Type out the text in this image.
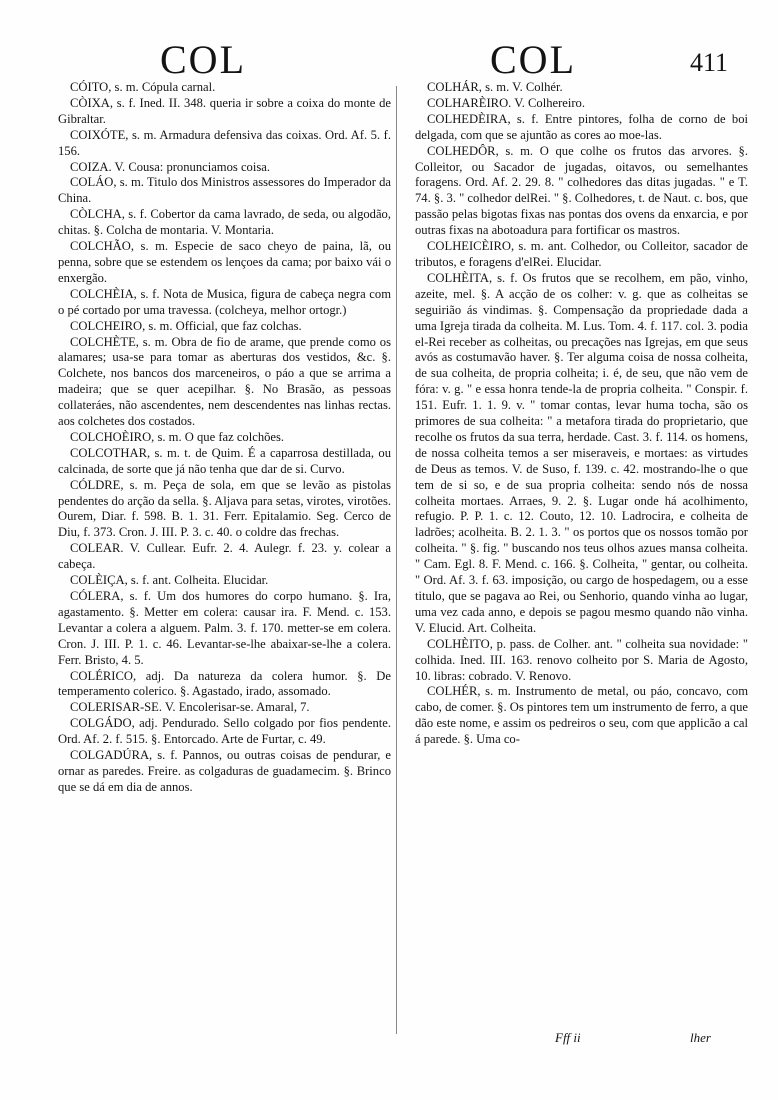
COL	COL	411

CÓITO, s. m. Cópula carnal.

CÒIXA, s. f. Ined. II. 348. queria ir sobre a coixa do monte de Gibraltar.

COIXÓTE, s. m. Armadura defensiva das coixas. Ord. Af. 5. f. 156.

COIZA. V. Cousa: pronunciamos coisa.

COLÁO, s. m. Titulo dos Ministros assessores do Imperador da China.

CÒLCHA, s. f. Cobertor da cama lavrado, de seda, ou algodão, chitas. §. Colcha de montaria. V. Montaria.

COLCHÃO, s. m. Especie de saco cheyo de paina, lã, ou penna, sobre que se estendem os lençoes da cama; por baixo vái o enxergão.

COLCHÈIA, s. f. Nota de Musica, figura de cabeça negra com o pé cortado por uma travessa. (colcheya, melhor ortogr.)

COLCHEIRO, s. m. Official, que faz colchas.

COLCHÈTE, s. m. Obra de fio de arame, que prende como os alamares; usa-se para tomar as aberturas dos vestidos, &c. §. Colchete, nos bancos dos marceneiros, o páo a que se arrima a madeira; que se quer acepilhar. §. No Brasão, as pessoas collateráes, não ascendentes, nem descendentes nas linhas rectas. aos colchetes dos costados.

COLCHOÈIRO, s. m. O que faz colchões.

COLCOTHAR, s. m. t. de Quim. É a caparrosa destillada, ou calcinada, de sorte que já não tenha que dar de si. Curvo.

CÓLDRE, s. m. Peça de sola, em que se levão as pistolas pendentes do arção da sella. §. Aljava para setas, virotes, virotões. Ourem, Diar. f. 598. B. 1. 31. Ferr. Epitalamio. Seg. Cerco de Diu, f. 373. Cron. J. III. P. 3. c. 40. o coldre das frechas.

COLEAR. V. Cullear. Eufr. 2. 4. Aulegr. f. 23. y. colear a cabeça.

COLÈIÇA, s. f. ant. Colheita. Elucidar.

CÓLERA, s. f. Um dos humores do corpo humano. §. Ira, agastamento. §. Metter em colera: causar ira. F. Mend. c. 153. Levantar a colera a alguem. Palm. 3. f. 170. metter-se em colera. Cron. J. III. P. 1. c. 46. Levantar-se-lhe abaixar-se-lhe a colera. Ferr. Bristo, 4. 5.

COLÉRICO, adj. Da natureza da colera humor. §. De temperamento colerico. §. Agastado, irado, assomado.

COLERISAR-SE. V. Encolerisar-se. Amaral, 7.

COLGÁDO, adj. Pendurado. Sello colgado por fios pendente. Ord. Af. 2. f. 515. §. Entorcado. Arte de Furtar, c. 49.

COLGADÚRA, s. f. Pannos, ou outras coisas de pendurar, e ornar as paredes. Freire. as colgaduras de guadamecim. §. Brinco que se dá em dia de annos.

COLHÁR, s. m. V. Colhér.

COLHARÈIRO. V. Colhereiro.

COLHEDÈIRA, s. f. Entre pintores, folha de corno de boi delgada, com que se ajuntão as cores ao moe-las.

COLHEDÔR, s. m. O que colhe os frutos das arvores. §. Colleitor, ou Sacador de jugadas, oitavos, ou semelhantes foragens. Ord. Af. 2. 29. 8. " colhedores das ditas jugadas. " e T. 74. §. 3. " colhedor delRei. " §. Colhedores, t. de Naut. c. bos, que passão pelas bigotas fixas nas pontas dos ovens da enxarcia, e por outras fixas na abotoadura para fortificar os mastros.

COLHEICÈIRO, s. m. ant. Colhedor, ou Colleitor, sacador de tributos, e foragens d'elRei. Elucidar.

COLHÈITA, s. f. Os frutos que se recolhem, em pão, vinho, azeite, mel. §. A acção de os colher: v. g. que as colheitas se seguirião ás vindimas. §. Compensação da propriedade dada a uma Igreja tirada da colheita. M. Lus. Tom. 4. f. 117. col. 3. podia el-Rei receber as colheitas, ou precações nas Igrejas, em que seus avós as costumavão haver. §. Ter alguma coisa de nossa colheita, de sua colheita, de propria colheita; i. é, de seu, que não vem de fóra: v. g. " e essa honra tende-la de propria colheita. " Conspir. f. 151. Eufr. 1. 1. 9. v. " tomar contas, levar huma tocha, são os primores de sua colheita: " a metafora tirada do proprietario, que recolhe os frutos da sua terra, herdade. Cast. 3. f. 114. os homens, de nossa colheita temos a ser miseraveis, e mortaes: as virtudes de Deus as temos. V. de Suso, f. 139. c. 42. mostrando-lhe o que tem de si so, e de sua propria colheita: sendo nós de nossa colheita mortaes. Arraes, 9. 2. §. Lugar onde há acolhimento, refugio. P. P. 1. c. 12. Couto, 12. 10. Ladrocira, e colheita de ladrões; acolheita. B. 2. 1. 3. " os portos que os nossos tomão por colheita. " §. fig. " buscando nos teus olhos azues mansa colheita. " Cam. Egl. 8. F. Mend. c. 166. §. Colheita, " gentar, ou colheita. " Ord. Af. 3. f. 63. imposição, ou cargo de hospedagem, ou a esse titulo, que se pagava ao Rei, ou Senhorio, quando vinha ao lugar, uma vez cada anno, e depois se pagou mesmo quando não vinha. V. Elucid. Art. Colheita.

COLHÈITO, p. pass. de Colher. ant. " colheita sua novidade: " colhida. Ined. III. 163. renovo colheito por S. Maria de Agosto, 10. libras: cobrado. V. Renovo.

COLHÉR, s. m. Instrumento de metal, ou páo, concavo, com cabo, de comer. §. Os pintores tem um instrumento de ferro, a que dão este nome, e assim os pedreiros o seu, com que applicão a cal á parede. §. Uma co-

Fff ii	lher
